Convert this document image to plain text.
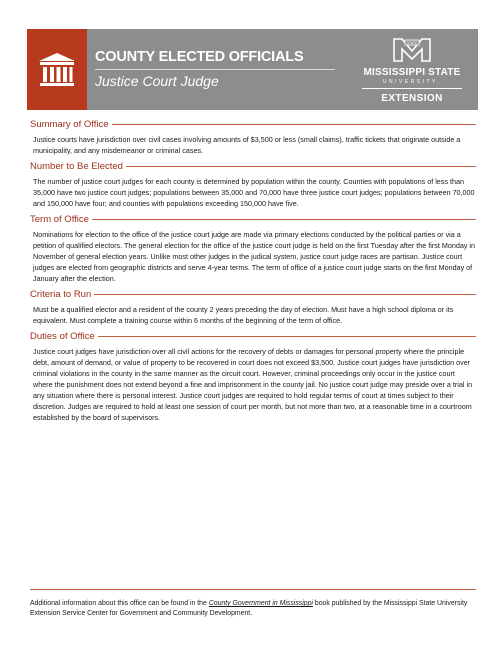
COUNTY ELECTED OFFICIALS
Justice Court Judge
STATE
MISSISSIPPI STATE
UNIVERSITY.
EXTENSION
Summary of Office
Justice courts have jurisdiction over civil cases involving amounts of $3,500 or less (small claims), traffic tickets that originate outside a municipality, and any misdemeanor or criminal cases.
Number to Be Elected
The number of justice court judges for each county is determined by population within the county. Counties with populations of less than 35,000 have two justice court judges; populations between 35,000 and 70,000 have three justice court judges; populations between 70,000 and 150,000 have four; and counties with populations exceeding 150,000 have five.
Term of Office
Nominations for election to the office of the justice court judge are made via primary elections conducted by the political parties or via a petition of qualified electors. The general election for the office of the justice court judge is held on the first Tuesday after the first Monday in November of general election years. Unlike most other judges in the judical system, justice court judge races are partisan. Justice court judges are elected from geographic districts and serve 4-year terms. The term of office of a justice court judge starts on the first Monday of January after the election.
Criteria to Run
Must be a qualified elector and a resident of the county 2 years preceding the day of election. Must have a high school diploma or its equivalent. Must complete a training course within 6 months of the beginning of the term of office.
Duties of Office
Justice court judges have jurisdiction over all civil actions for the recovery of debts or damages for personal property where the principle debt, amount of demand, or value of property to be recovered in court does not exceed $3,500. Justice court judges have jurisdiction over criminal violations in the county in the same manner as the circuit court. However, criminal proceedings only occur in the justice court where the punishment does not extend beyond a fine and imprisonment in the county jail. No justice court judge may preside over a trial in any situation where there is personal interest. Justice court judges are required to hold regular terms of court at times subject to their discretion. Judges are required to hold at least one session of court per month, but not more than two, at a reasonable time in a courtroom established by the board of supervisors.
Additional information about this office can be found in the County Government in Mississippi book published by the Mississippi State University Extension Service Center for Government and Community Development.
